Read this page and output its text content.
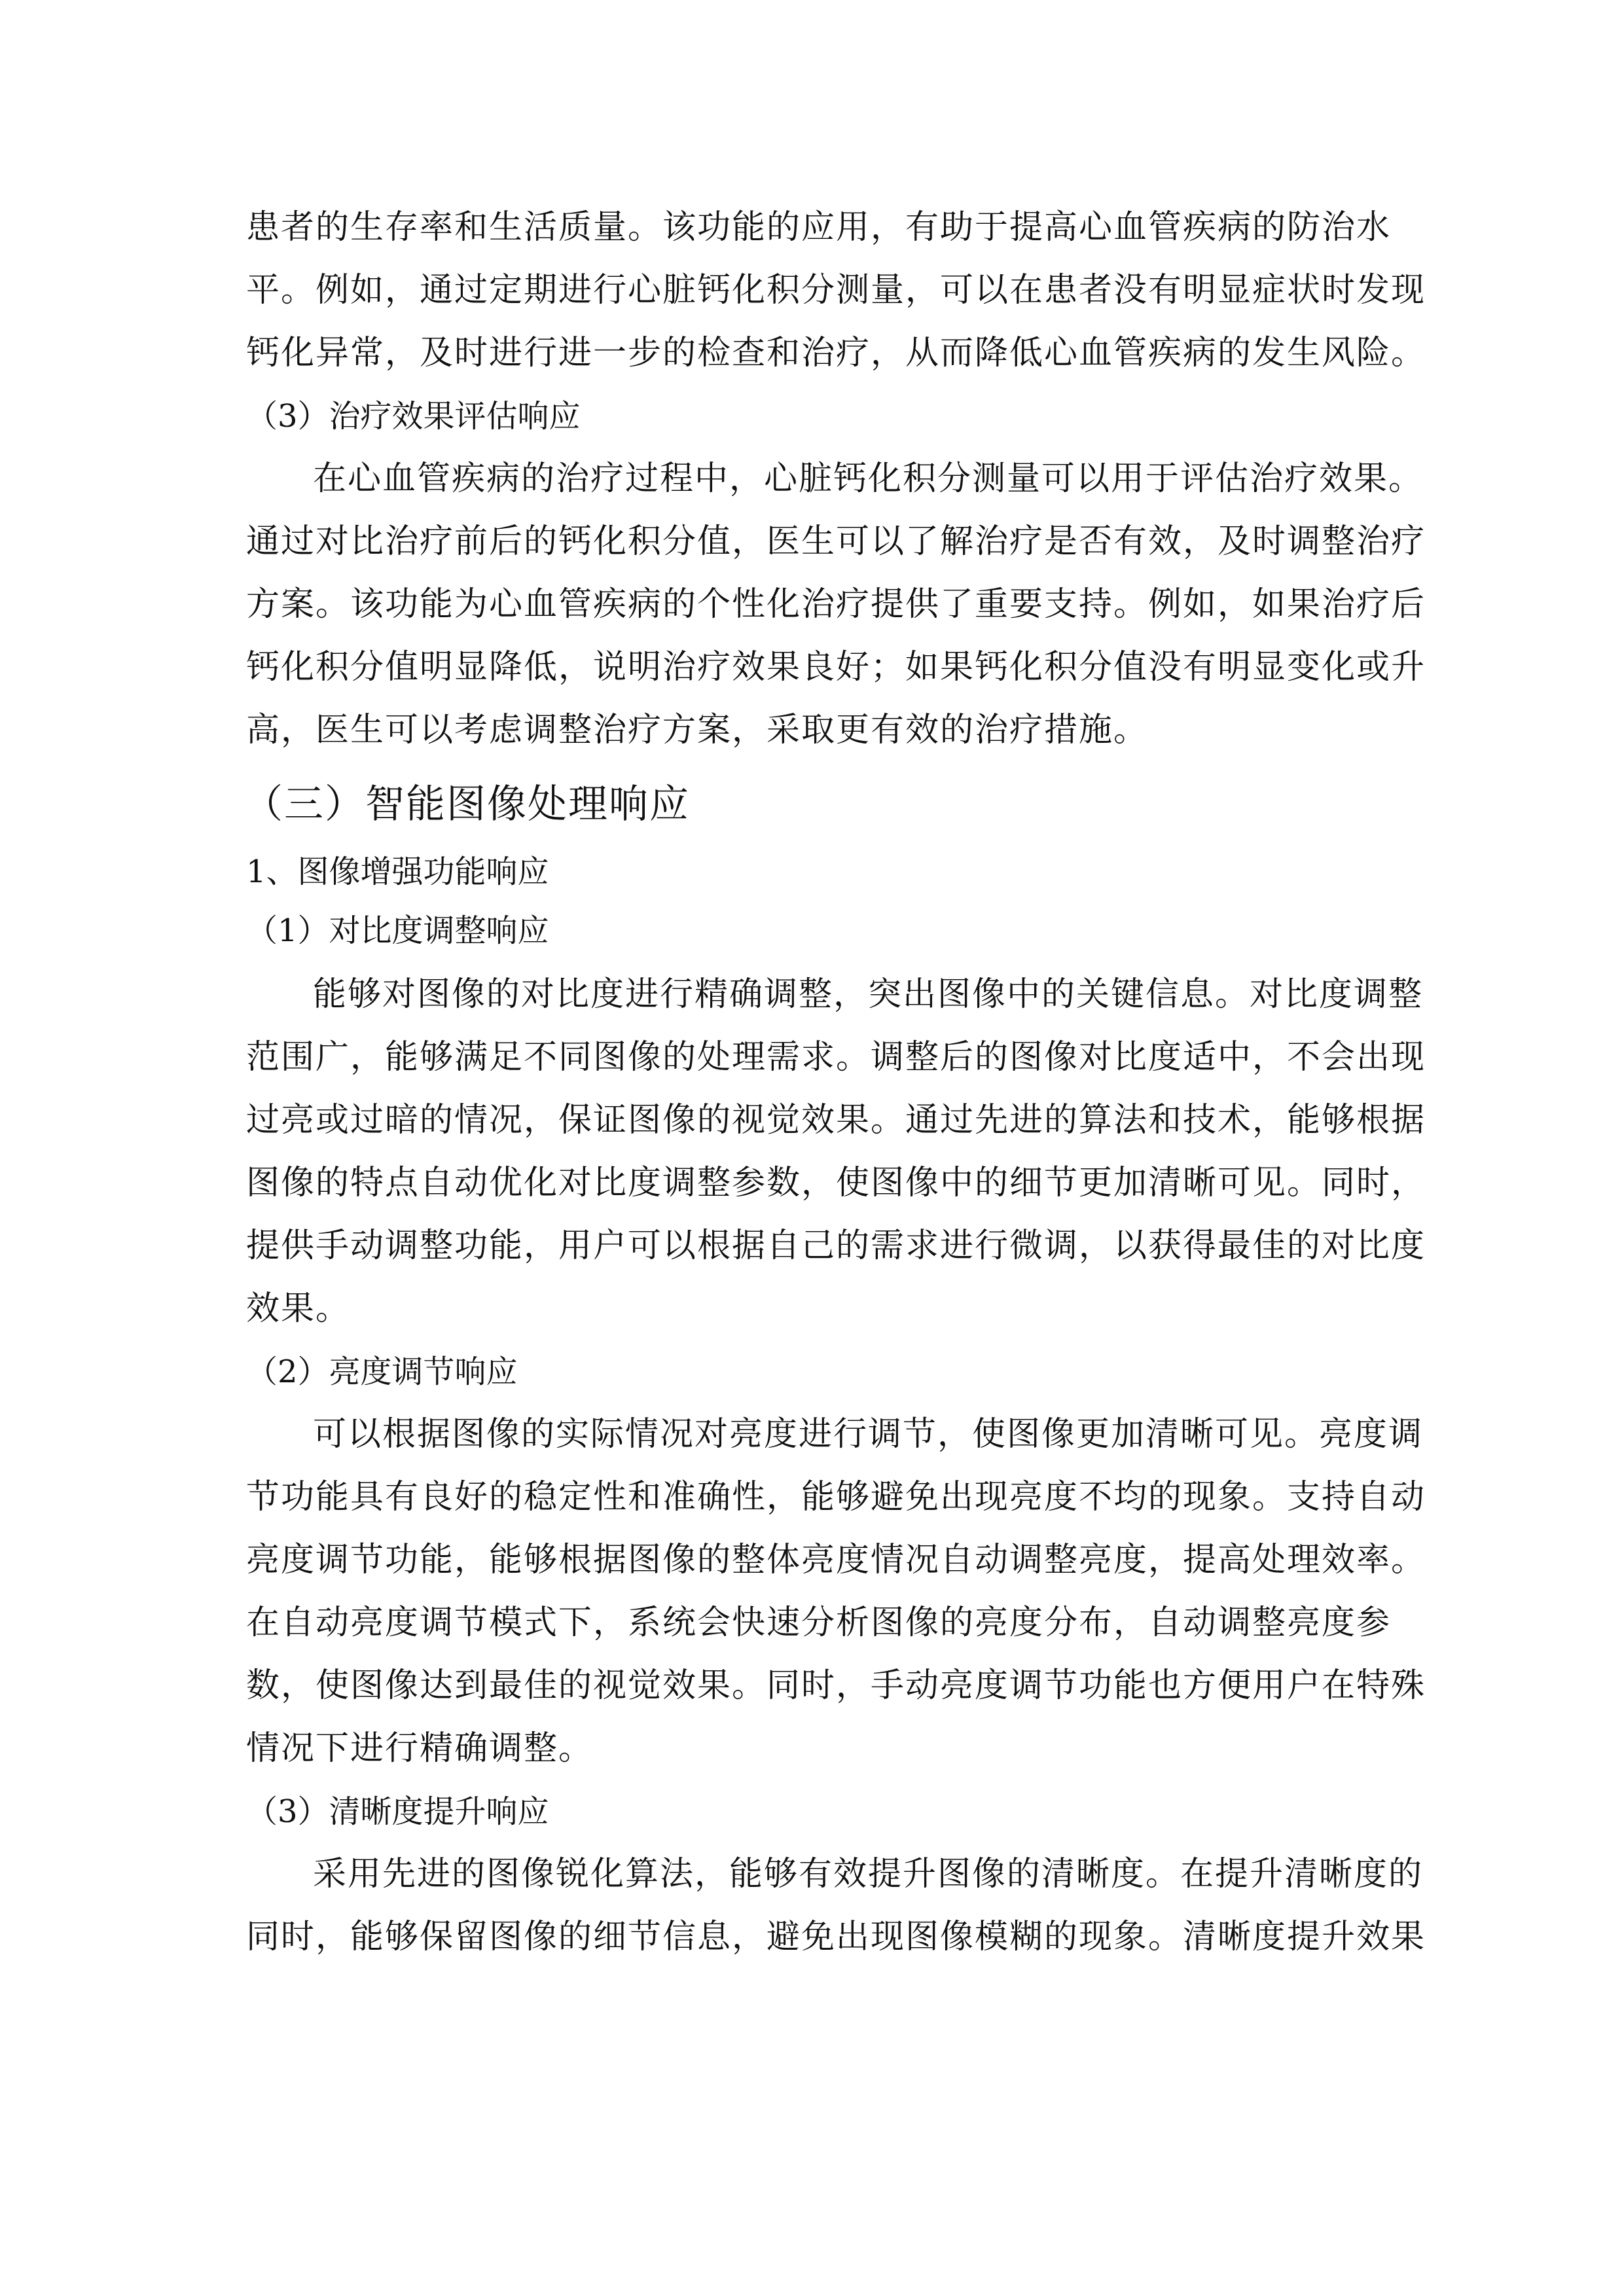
患者的生存率和生活质量。该功能的应用，有助于提高心血管疾病的防治水
平。例如，通过定期进行心脏钙化积分测量，可以在患者没有明显症状时发现
钙化异常，及时进行进一步的检查和治疗，从而降低心血管疾病的发生风险。
（3）治疗效果评估响应
在心血管疾病的治疗过程中，心脏钙化积分测量可以用于评估治疗效果。
通过对比治疗前后的钙化积分值，医生可以了解治疗是否有效，及时调整治疗
方案。该功能为心血管疾病的个性化治疗提供了重要支持。例如，如果治疗后
钙化积分值明显降低，说明治疗效果良好；如果钙化积分值没有明显变化或升
高，医生可以考虑调整治疗方案，采取更有效的治疗措施。
（三）智能图像处理响应
1、图像增强功能响应
（1）对比度调整响应
能够对图像的对比度进行精确调整，突出图像中的关键信息。对比度调整
范围广，能够满足不同图像的处理需求。调整后的图像对比度适中，不会出现
过亮或过暗的情况，保证图像的视觉效果。通过先进的算法和技术，能够根据
图像的特点自动优化对比度调整参数，使图像中的细节更加清晰可见。同时，
提供手动调整功能，用户可以根据自己的需求进行微调，以获得最佳的对比度
效果。
（2）亮度调节响应
可以根据图像的实际情况对亮度进行调节，使图像更加清晰可见。亮度调
节功能具有良好的稳定性和准确性，能够避免出现亮度不均的现象。支持自动
亮度调节功能，能够根据图像的整体亮度情况自动调整亮度，提高处理效率。
在自动亮度调节模式下，系统会快速分析图像的亮度分布，自动调整亮度参
数，使图像达到最佳的视觉效果。同时，手动亮度调节功能也方便用户在特殊
情况下进行精确调整。
（3）清晰度提升响应
采用先进的图像锐化算法，能够有效提升图像的清晰度。在提升清晰度的
同时，能够保留图像的细节信息，避免出现图像模糊的现象。清晰度提升效果
